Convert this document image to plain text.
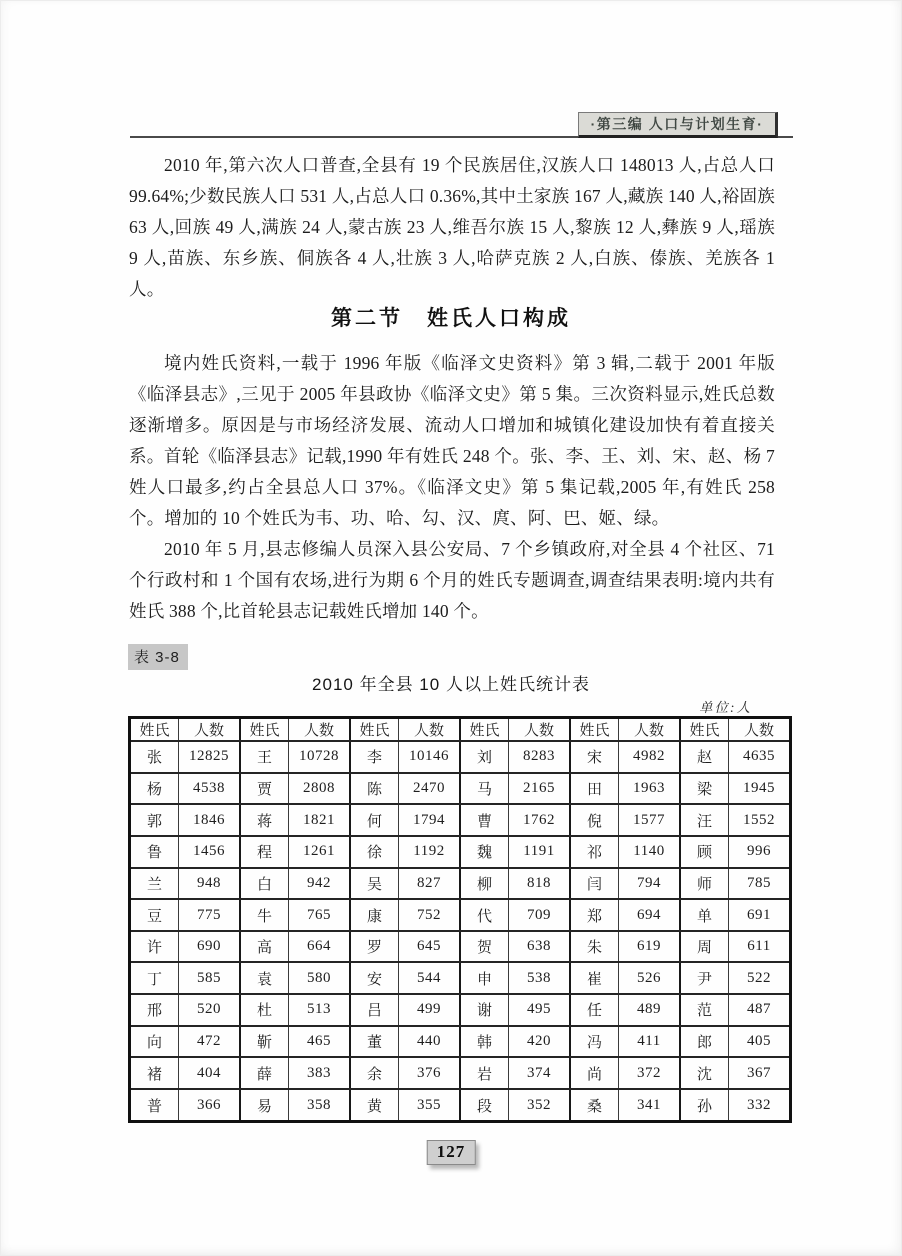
·第三编 人口与计划生育·

2010 年,第六次人口普查,全县有 19 个民族居住,汉族人口 148013 人,占总人口 99.64%;少数民族人口 531 人,占总人口 0.36%,其中土家族 167 人,藏族 140 人,裕固族 63 人,回族 49 人,满族 24 人,蒙古族 23 人,维吾尔族 15 人,黎族 12 人,彝族 9 人,瑶族 9 人,苗族、东乡族、侗族各 4 人,壮族 3 人,哈萨克族 2 人,白族、傣族、羌族各 1 人。

第二节　姓氏人口构成

境内姓氏资料,一载于 1996 年版《临泽文史资料》第 3 辑,二载于 2001 年版《临泽县志》,三见于 2005 年县政协《临泽文史》第 5 集。三次资料显示,姓氏总数逐渐增多。原因是与市场经济发展、流动人口增加和城镇化建设加快有着直接关系。 首轮《临泽县志》记载,1990 年有姓氏 248 个。张、李、王、刘、宋、赵、杨 7 姓人口最多,约占全县总人口 37%。《临泽文史》第 5 集记载,2005 年,有姓氏 258 个。增加的 10 个姓氏为韦、功、哈、勾、汉、庹、阿、巴、姬、绿。

2010 年 5 月,县志修编人员深入县公安局、7 个乡镇政府,对全县 4 个社区、71 个行政村和 1 个国有农场,进行为期 6 个月的姓氏专题调查,调查结果表明:境内共有姓氏 388 个,比首轮县志记载姓氏增加 140 个。

表 3-8
2010 年全县 10 人以上姓氏统计表
单位:人
姓氏	人数	姓氏	人数	姓氏	人数	姓氏	人数	姓氏	人数	姓氏	人数
张	12825	王	10728	李	10146	刘	8283	宋	4982	赵	4635
杨	4538	贾	2808	陈	2470	马	2165	田	1963	梁	1945
郭	1846	蒋	1821	何	1794	曹	1762	倪	1577	汪	1552
鲁	1456	程	1261	徐	1192	魏	1191	祁	1140	顾	996
兰	948	白	942	吴	827	柳	818	闫	794	师	785
豆	775	牛	765	康	752	代	709	郑	694	单	691
许	690	高	664	罗	645	贺	638	朱	619	周	611
丁	585	袁	580	安	544	申	538	崔	526	尹	522
邢	520	杜	513	吕	499	谢	495	任	489	范	487
向	472	靳	465	董	440	韩	420	冯	411	郎	405
褚	404	薛	383	余	376	岩	374	尚	372	沈	367
普	366	易	358	黄	355	段	352	桑	341	孙	332
127
